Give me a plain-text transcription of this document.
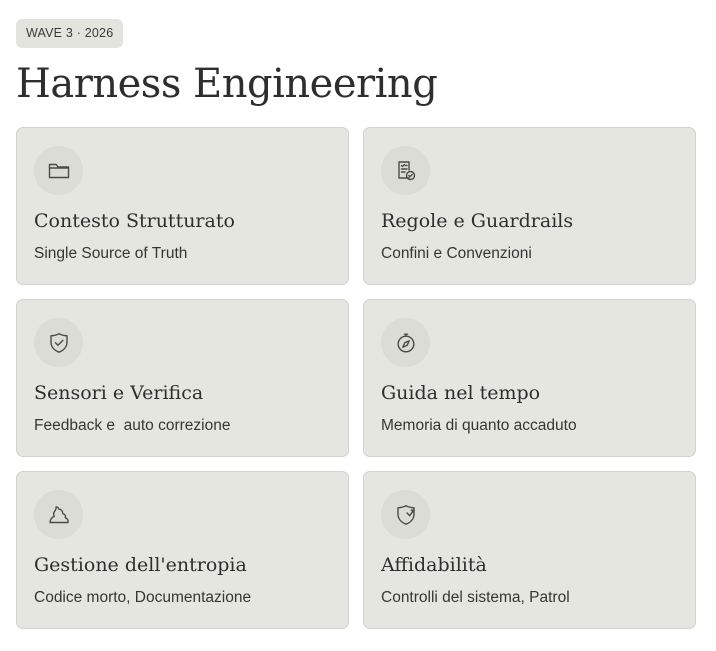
WAVE 3 · 2026
Harness Engineering
Contesto Strutturato
Single Source of Truth
Regole e Guardrails
Confini e Convenzioni
Sensori e Verifica
Feedback e  auto correzione
Guida nel tempo
Memoria di quanto accaduto
Gestione dell'entropia
Codice morto, Documentazione
Affidabilità
Controlli del sistema, Patrol
